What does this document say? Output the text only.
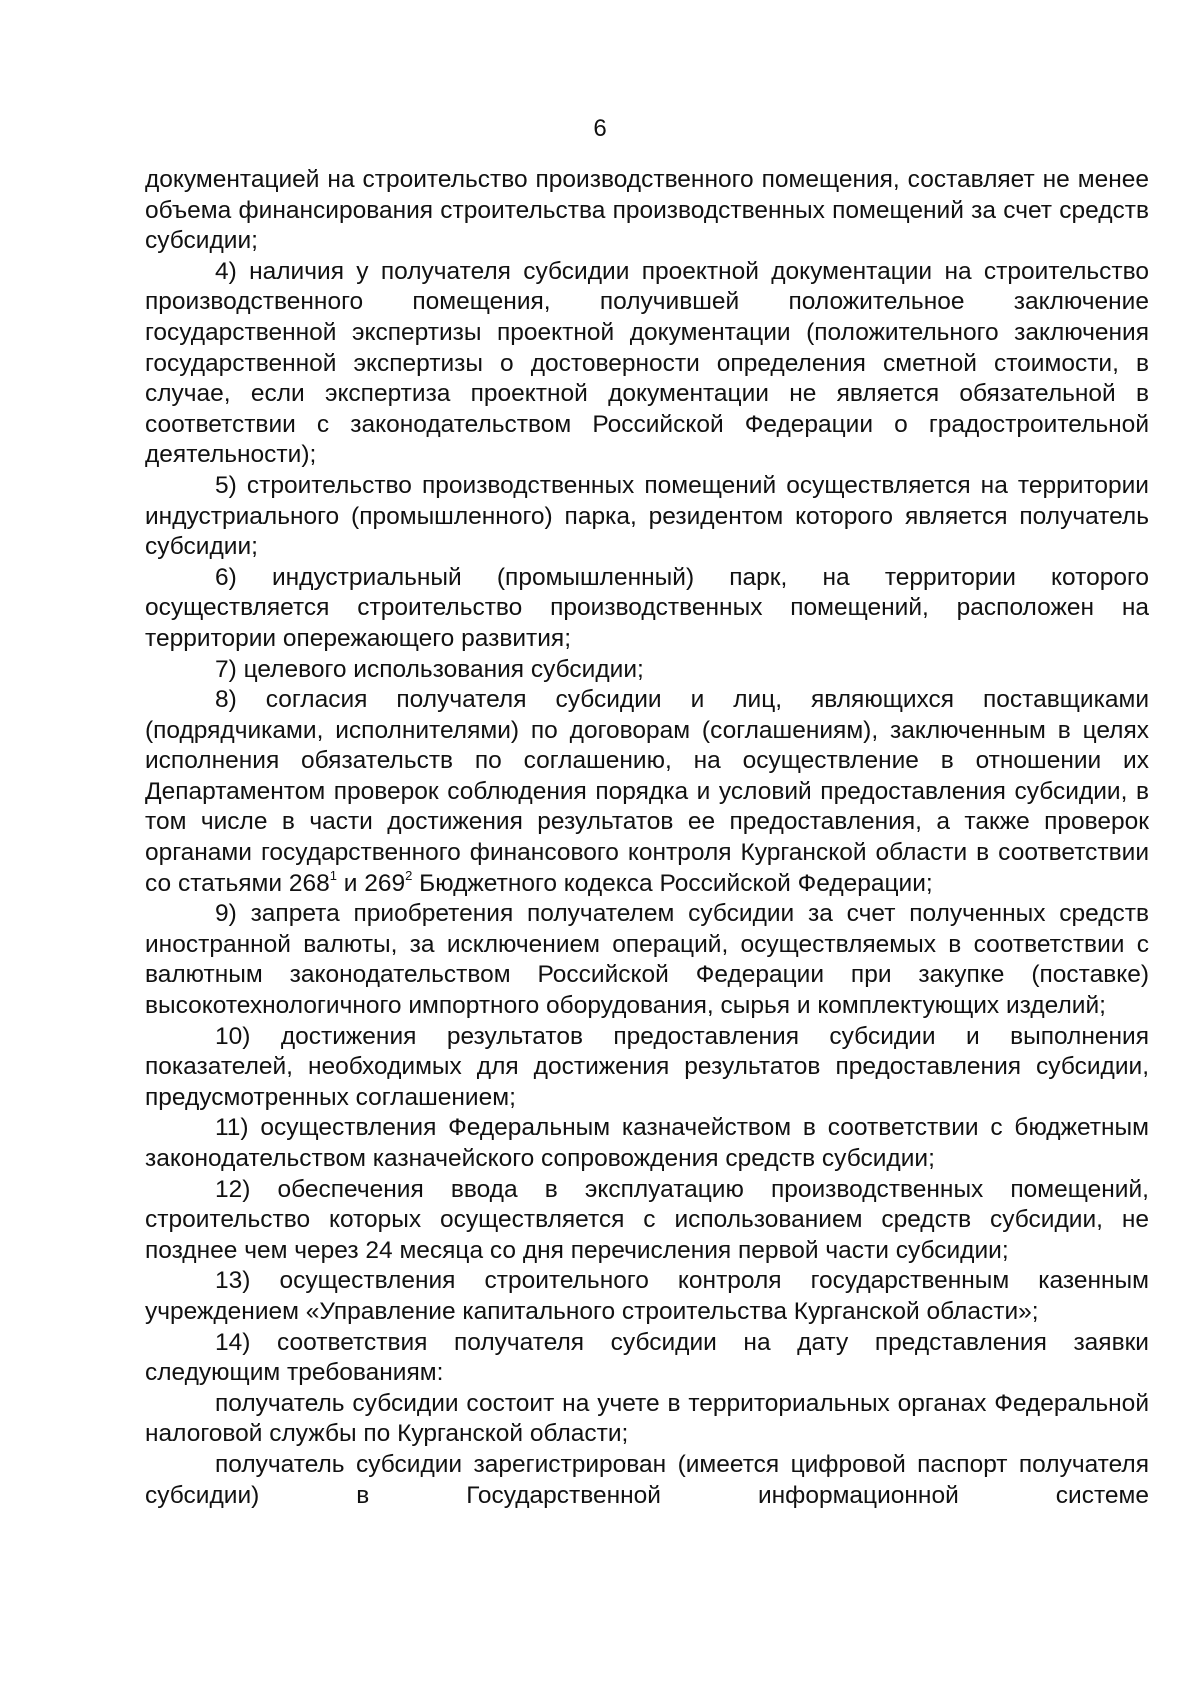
6

документацией на строительство производственного помещения, составляет не менее объема финансирования строительства производственных помещений за счет средств субсидии;

4) наличия у получателя субсидии проектной документации на строительство производственного помещения, получившей положительное заключение государственной экспертизы проектной документации (положительного заключения государственной экспертизы о достоверности определения сметной стоимости, в случае, если экспертиза проектной документации не является обязательной в соответствии с законодательством Российской Федерации о градостроительной деятельности);

5) строительство производственных помещений осуществляется на территории индустриального (промышленного) парка, резидентом которого является получатель субсидии;

6) индустриальный (промышленный) парк, на территории которого осуществляется строительство производственных помещений, расположен на территории опережающего развития;

7) целевого использования субсидии;

8) согласия получателя субсидии и лиц, являющихся поставщиками (подрядчиками, исполнителями) по договорам (соглашениям), заключенным в целях исполнения обязательств по соглашению, на осуществление в отношении их Департаментом проверок соблюдения порядка и условий предоставления субсидии, в том числе в части достижения результатов ее предоставления, а также проверок органами государственного финансового контроля Курганской области в соответствии со статьями $268^1$ и $269^2$ Бюджетного кодекса Российской Федерации;

9) запрета приобретения получателем субсидии за счет полученных средств иностранной валюты, за исключением операций, осуществляемых в соответствии с валютным законодательством Российской Федерации при закупке (поставке) высокотехнологичного импортного оборудования, сырья и комплектующих изделий;

10) достижения результатов предоставления субсидии и выполнения показателей, необходимых для достижения результатов предоставления субсидии, предусмотренных соглашением;

11) осуществления Федеральным казначейством в соответствии с бюджетным законодательством казначейского сопровождения средств субсидии;

12) обеспечения ввода в эксплуатацию производственных помещений, строительство которых осуществляется с использованием средств субсидии, не позднее чем через 24 месяца со дня перечисления первой части субсидии;

13) осуществления строительного контроля государственным казенным учреждением «Управление капитального строительства Курганской области»;

14) соответствия получателя субсидии на дату представления заявки следующим требованиям:

получатель субсидии состоит на учете в территориальных органах Федеральной налоговой службы по Курганской области;

получатель субсидии зарегистрирован (имеется цифровой паспорт получателя субсидии) в Государственной информационной системе
